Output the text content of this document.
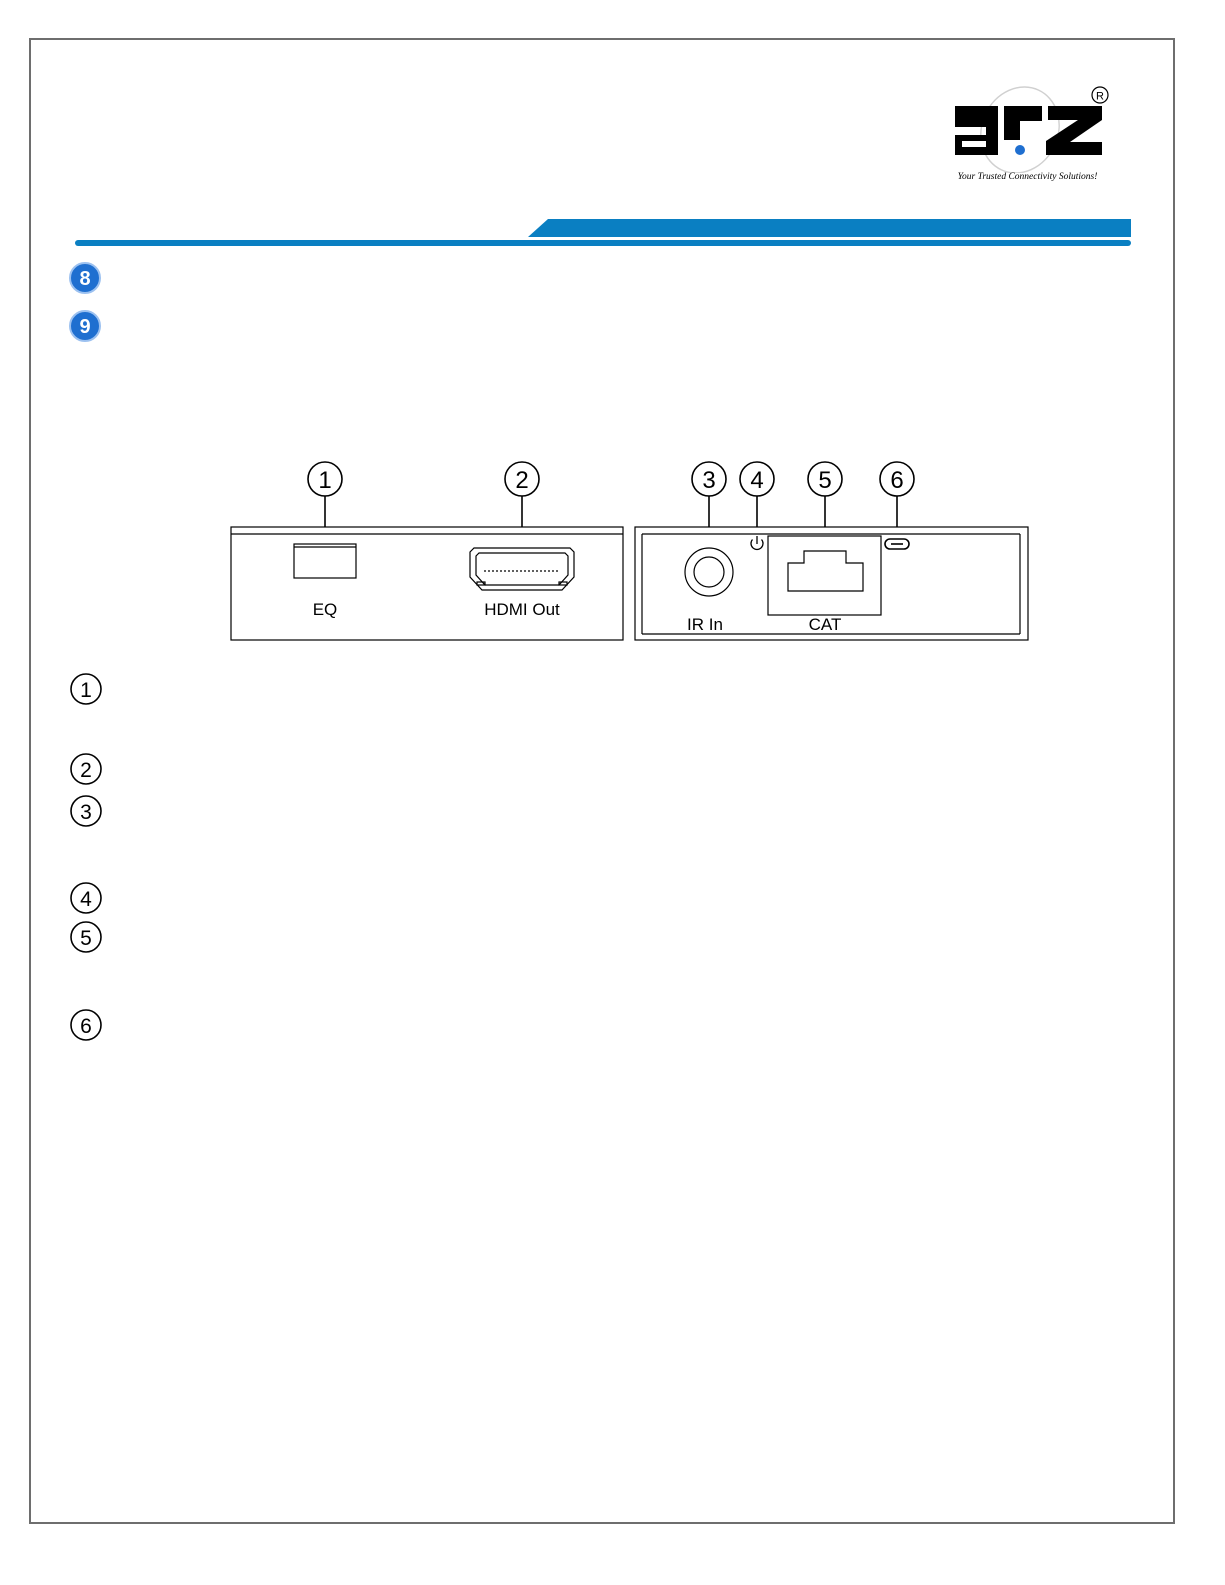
R
Your Trusted Connectivity Solutions!
8
9
1	2	3 4 5 6
EQ	HDMI Out
IR In	CAT
1
2
3
4
5
6
